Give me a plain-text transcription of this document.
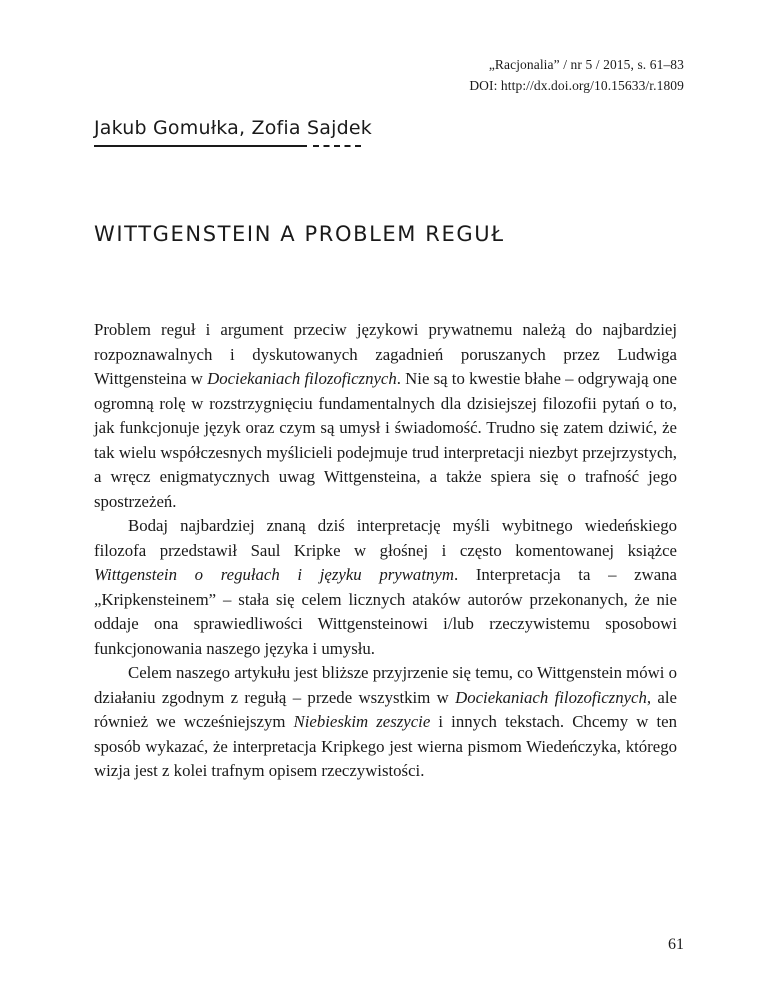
„Racjonalia” / nr 5 / 2015, s. 61–83
DOI: http://dx.doi.org/10.15633/r.1809
Jakub Gomułka, Zofia Sajdek
WITTGENSTEIN A PROBLEM REGUŁ

Problem reguł i argument przeciw językowi prywatnemu należą do najbardziej rozpoznawalnych i dyskutowanych zagadnień poruszanych przez Ludwiga Wittgensteina w Dociekaniach filozoficznych. Nie są to kwestie błahe – odgrywają one ogromną rolę w rozstrzygnięciu fundamentalnych dla dzisiejszej filozofii pytań o to, jak funkcjonuje język oraz czym są umysł i świadomość. Trudno się zatem dziwić, że tak wielu współczesnych myślicieli podejmuje trud interpretacji niezbyt przejrzystych, a wręcz enigmatycznych uwag Wittgensteina, a także spiera się o trafność jego spostrzeżeń.

Bodaj najbardziej znaną dziś interpretację myśli wybitnego wiedeńskiego filozofa przedstawił Saul Kripke w głośnej i często komentowanej książce Wittgenstein o regułach i języku prywatnym. Interpretacja ta – zwana „Kripkensteinem” – stała się celem licznych ataków autorów przekonanych, że nie oddaje ona sprawiedliwości Wittgensteinowi i/lub rzeczywistemu sposobowi funkcjonowania naszego języka i umysłu.

Celem naszego artykułu jest bliższe przyjrzenie się temu, co Wittgenstein mówi o działaniu zgodnym z regułą – przede wszystkim w Dociekaniach filozoficznych, ale również we wcześniejszym Niebieskim zeszycie i innych tekstach. Chcemy w ten sposób wykazać, że interpretacja Kripkego jest wierna pismom Wiedeńczyka, którego wizja jest z kolei trafnym opisem rzeczywistości.

61
